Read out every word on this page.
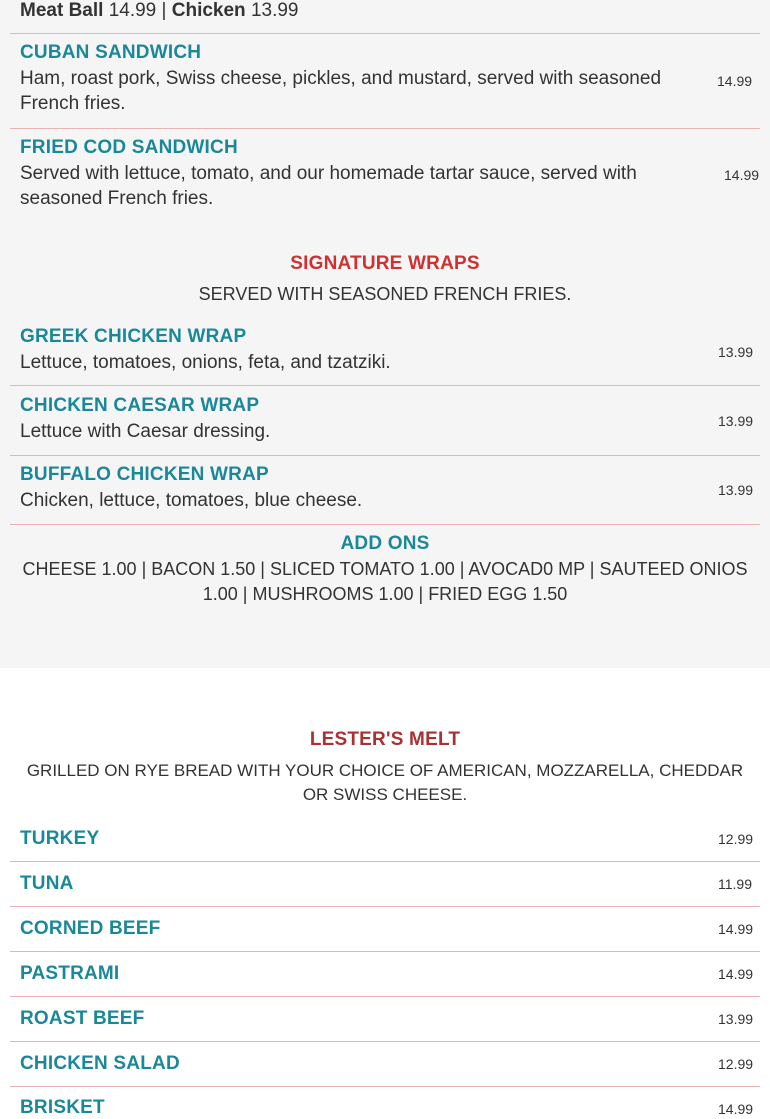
Meat Ball 14.99 | Chicken 13.99
CUBAN SANDWICH
Ham, roast pork, Swiss cheese, pickles, and mustard, served with seasoned French fries.
14.99
FRIED COD SANDWICH
Served with lettuce, tomato, and our homemade tartar sauce, served with seasoned French fries.
14.99
SIGNATURE WRAPS
SERVED WITH SEASONED FRENCH FRIES.
GREEK CHICKEN WRAP
Lettuce, tomatoes, onions, feta, and tzatziki.	13.99
CHICKEN CAESAR WRAP
Lettuce with Caesar dressing.	13.99
BUFFALO CHICKEN WRAP
Chicken, lettuce, tomatoes, blue cheese.	13.99
ADD ONS
CHEESE 1.00 | BACON 1.50 | SLICED TOMATO 1.00 | AVOCAD0 MP | SAUTEED ONIOS 1.00 | MUSHROOMS 1.00 | FRIED EGG 1.50
LESTER'S MELT
GRILLED ON RYE BREAD WITH YOUR CHOICE OF AMERICAN, MOZZARELLA, CHEDDAR OR SWISS CHEESE.
TURKEY	12.99
TUNA	11.99
CORNED BEEF	14.99
PASTRAMI	14.99
ROAST BEEF	13.99
CHICKEN SALAD	12.99
BRISKET	14.99
